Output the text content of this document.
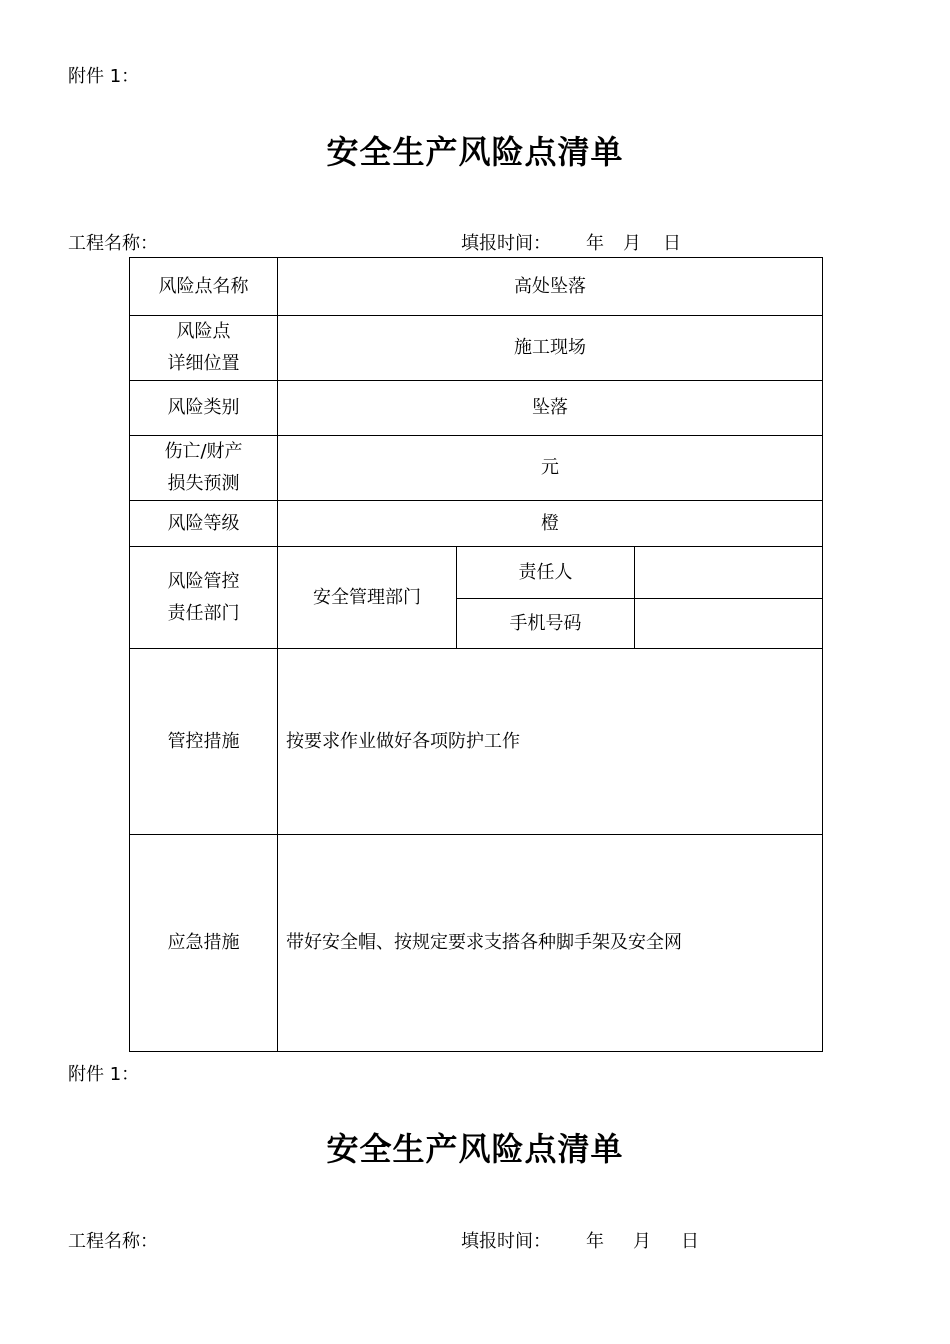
附件 1：
安全生产风险点清单
工程名称：	填报时间： 年 月 日
风险点名称	高处坠落		

风险点
详细位置	施工现场		
风险类别	坠落		

伤亡/财产
损失预测	元		
风险等级	橙		

风险管控
责任部门	安全管理部门	责任人	
		手机号码	
管控措施	按要求作业做好各项防护工作		
应急措施	带好安全帽、按规定要求支搭各种脚手架及安全网		
附件 1：
安全生产风险点清单
工程名称：	填报时间： 年 月 日
